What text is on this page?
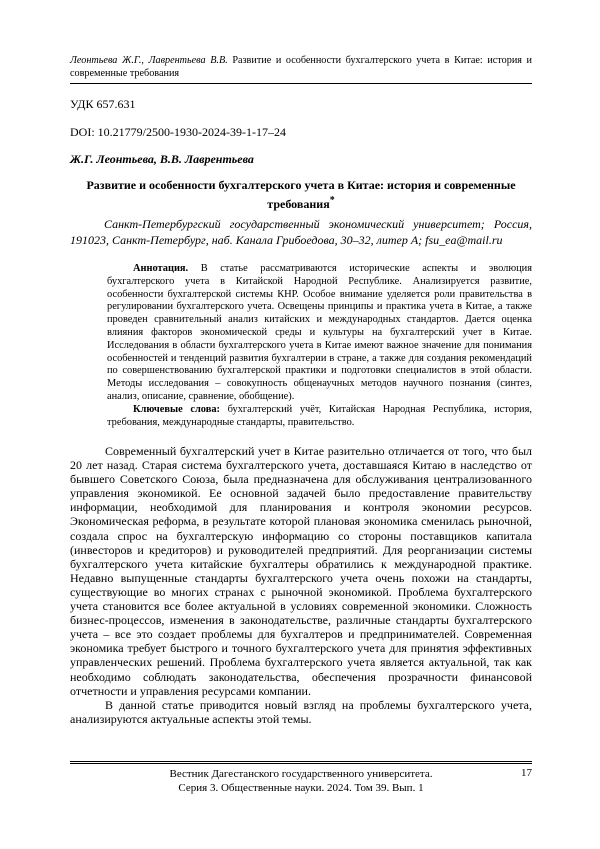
Леонтьева Ж.Г., Лаврентьева В.В. Развитие и особенности бухгалтерского учета в Китае: история и современные требования
УДК 657.631
DOI: 10.21779/2500-1930-2024-39-1-17–24
Ж.Г. Леонтьева, В.В. Лаврентьева
Развитие и особенности бухгалтерского учета в Китае: история и современные требования*
Санкт-Петербургский государственный экономический университет; Россия, 191023, Санкт-Петербург, наб. Канала Грибоедова, 30–32, литер А; fsu_ea@mail.ru

Аннотация. В статье рассматриваются исторические аспекты и эволюция бухгалтерского учета в Китайской Народной Республике. Анализируется развитие, особенности бухгалтерской системы КНР. Особое внимание уделяется роли правительства в регулировании бухгалтерского учета. Освещены принципы и практика учета в Китае, а также проведен сравнительный анализ китайских и международных стандартов. Дается оценка влияния факторов экономической среды и культуры на бухгалтерский учет в Китае. Исследования в области бухгалтерского учета в Китае имеют важное значение для понимания особенностей и тенденций развития бухгалтерии в стране, а также для создания рекомендаций по совершенствованию бухгалтерской практики и подготовки специалистов в этой области. Методы исследования – совокупность общенаучных методов научного познания (синтез, анализ, описание, сравнение, обобщение).

Ключевые слова: бухгалтерский учёт, Китайская Народная Республика, история, требования, международные стандарты, правительство.

Современный бухгалтерский учет в Китае разительно отличается от того, что был 20 лет назад. Старая система бухгалтерского учета, доставшаяся Китаю в наследство от бывшего Советского Союза, была предназначена для обслуживания централизованного управления экономикой. Ее основной задачей было предоставление правительству информации, необходимой для планирования и контроля экономии ресурсов. Экономическая реформа, в результате которой плановая экономика сменилась рыночной, создала спрос на бухгалтерскую информацию со стороны поставщиков капитала (инвесторов и кредиторов) и руководителей предприятий. Для реорганизации системы бухгалтерского учета китайские бухгалтеры обратились к международной практике. Недавно выпущенные стандарты бухгалтерского учета очень похожи на стандарты, существующие во многих странах с рыночной экономикой. Проблема бухгалтерского учета становится все более актуальной в условиях современной экономики. Сложность бизнес-процессов, изменения в законодательстве, различные стандарты бухгалтерского учета – все это создает проблемы для бухгалтеров и предпринимателей. Современная экономика требует быстрого и точного бухгалтерского учета для принятия эффективных управленческих решений. Проблема бухгалтерского учета является актуальной, так как необходимо соблюдать законодательства, обеспечения прозрачности финансовой отчетности и управления ресурсами компании.

В данной статье приводится новый взгляд на проблемы бухгалтерского учета, анализируются актуальные аспекты этой темы.

Вестник Дагестанского государственного университета.
Серия 3. Общественные науки. 2024. Том 39. Вып. 1
17
